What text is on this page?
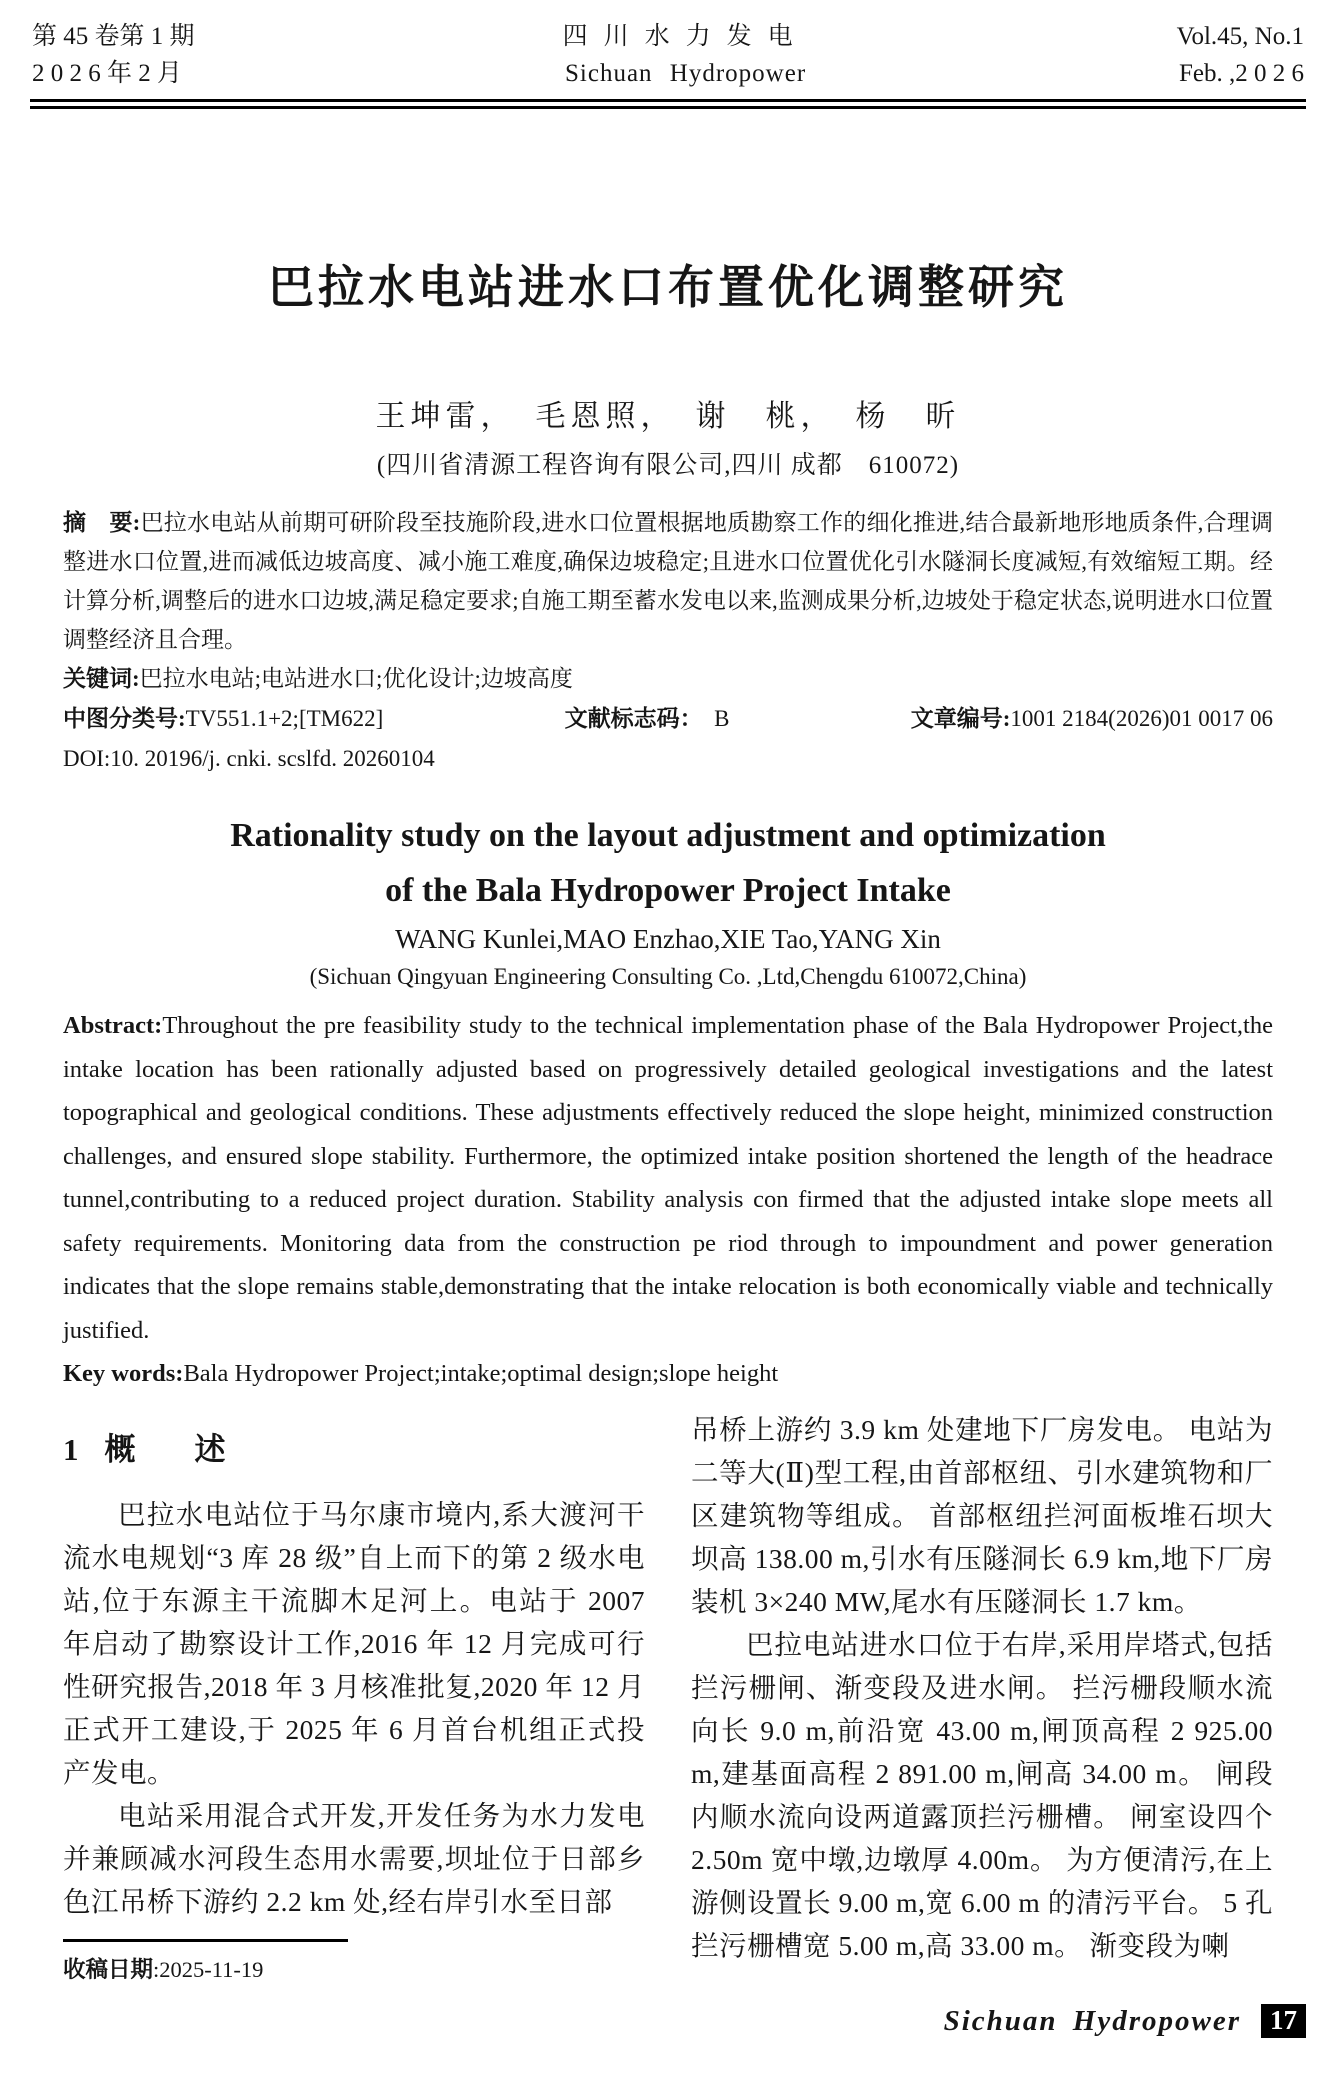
第 45 卷第 1 期
2 0 2 6 年 2 月
四川水力发电
Sichuan Hydropower
Vol.45, No.1
Feb. ,2 0 2 6
巴拉水电站进水口布置优化调整研究
王坤雷，　毛恩照，　谢　桃，　杨　昕
(四川省清源工程咨询有限公司,四川 成都　610072)

摘　要:巴拉水电站从前期可研阶段至技施阶段,进水口位置根据地质勘察工作的细化推进,结合最新地形地质条件,合理调整进水口位置,进而减低边坡高度、减小施工难度,确保边坡稳定;且进水口位置优化引水隧洞长度减短,有效缩短工期。经计算分析,调整后的进水口边坡,满足稳定要求;自施工期至蓄水发电以来,监测成果分析,边坡处于稳定状态,说明进水口位置调整经济且合理。

关键词:巴拉水电站;电站进水口;优化设计;边坡高度

中图分类号:TV551.1+2;[TM622]	文献标志码： B	文章编号:1001 2184(2026)01 0017 06
DOI:10. 20196/j. cnki. scslfd. 20260104
Rationality study on the layout adjustment and optimization
of the Bala Hydropower Project Intake
WANG Kunlei,MAO Enzhao,XIE Tao,YANG Xin
(Sichuan Qingyuan Engineering Consulting Co. ,Ltd,Chengdu 610072,China)

Abstract:Throughout the pre feasibility study to the technical implementation phase of the Bala Hydropower Project,the intake location has been rationally adjusted based on progressively detailed geological investigations and the latest topographical and geological conditions. These adjustments effectively reduced the slope height, minimized construction challenges, and ensured slope stability. Furthermore, the optimized intake position shortened the length of the headrace tunnel,contributing to a reduced project duration. Stability analysis con firmed that the adjusted intake slope meets all safety requirements. Monitoring data from the construction pe riod through to impoundment and power generation indicates that the slope remains stable,demonstrating that the intake relocation is both economically viable and technically justified.

Key words:Bala Hydropower Project;intake;optimal design;slope height

1 概　述

巴拉水电站位于马尔康市境内,系大渡河干流水电规划“3 库 28 级”自上而下的第 2 级水电站,位于东源主干流脚木足河上。电站于 2007 年启动了勘察设计工作,2016 年 12 月完成可行性研究报告,2018 年 3 月核准批复,2020 年 12 月正式开工建设,于 2025 年 6 月首台机组正式投产发电。

电站采用混合式开发,开发任务为水力发电并兼顾减水河段生态用水需要,坝址位于日部乡色江吊桥下游约 2.2 km 处,经右岸引水至日部

收稿日期:2025-11-19

吊桥上游约 3.9 km 处建地下厂房发电。 电站为二等大(Ⅱ)型工程,由首部枢纽、引水建筑物和厂区建筑物等组成。 首部枢纽拦河面板堆石坝大坝高 138.00 m,引水有压隧洞长 6.9 km,地下厂房装机 3×240 MW,尾水有压隧洞长 1.7 km。

巴拉电站进水口位于右岸,采用岸塔式,包括拦污栅闸、渐变段及进水闸。 拦污栅段顺水流向长 9.0 m,前沿宽 43.00 m,闸顶高程 2 925.00 m,建基面高程 2 891.00 m,闸高 34.00 m。 闸段内顺水流向设两道露顶拦污栅槽。 闸室设四个 2.50m 宽中墩,边墩厚 4.00m。 为方便清污,在上游侧设置长 9.00 m,宽 6.00 m 的清污平台。 5 孔拦污栅槽宽 5.00 m,高 33.00 m。 渐变段为喇

Sichuan Hydropower	17
